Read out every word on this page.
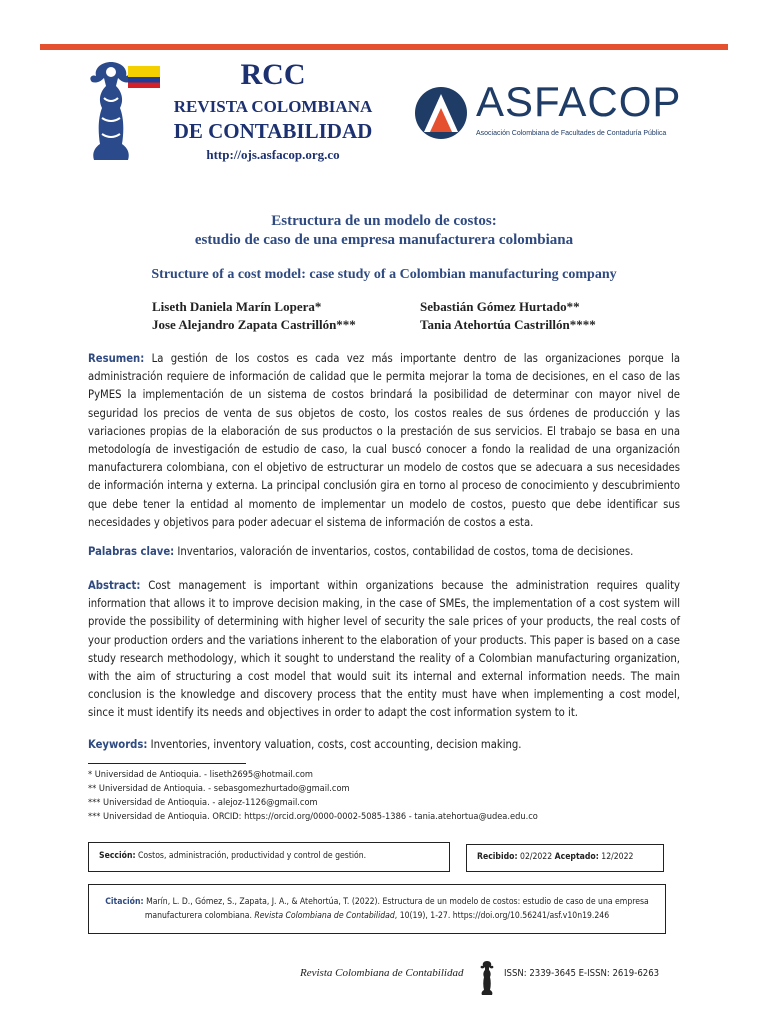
RCC
REVISTA COLOMBIANA
DE CONTABILIDAD
http://ojs.asfacop.org.co
ASFACOP
Asociación Colombiana de Facultades de Contaduría Pública
Estructura de un modelo de costos:
estudio de caso de una empresa manufacturera colombiana
Structure of a cost model: case study of a Colombian manufacturing company
Liseth Daniela Marín Lopera*
Jose Alejandro Zapata Castrillón***
Sebastián Gómez Hurtado**
Tania Atehortúa Castrillón****
Resumen: La gestión de los costos es cada vez más importante dentro de las organizaciones porque la administración requiere de información de calidad que le permita mejorar la toma de decisiones, en el caso de las PyMES la implementación de un sistema de costos brindará la posibilidad de determinar con mayor nivel de seguridad los precios de venta de sus objetos de costo, los costos reales de sus órdenes de producción y las variaciones propias de la elaboración de sus productos o la prestación de sus servicios. El trabajo se basa en una metodología de investigación de estudio de caso, la cual buscó conocer a fondo la realidad de una organización manufacturera colombiana, con el objetivo de estructurar un modelo de costos que se adecuara a sus necesidades de información interna y externa. La principal conclusión gira en torno al proceso de conocimiento y descubrimiento que debe tener la entidad al momento de implementar un modelo de costos, puesto que debe identificar sus necesidades y objetivos para poder adecuar el sistema de información de costos a esta.
Palabras clave: Inventarios, valoración de inventarios, costos, contabilidad de costos, toma de decisiones.
Abstract: Cost management is important within organizations because the administration requires quality information that allows it to improve decision making, in the case of SMEs, the implementation of a cost system will provide the possibility of determining with higher level of security the sale prices of your products, the real costs of your production orders and the variations inherent to the elaboration of your products. This paper is based on a case study research methodology, which it sought to understand the reality of a Colombian manufacturing organization, with the aim of structuring a cost model that would suit its internal and external information needs. The main conclusion is the knowledge and discovery process that the entity must have when implementing a cost model, since it must identify its needs and objectives in order to adapt the cost information system to it.
Keywords: Inventories, inventory valuation, costs, cost accounting, decision making.
* Universidad de Antioquia. - liseth2695@hotmail.com
** Universidad de Antioquia. - sebasgomezhurtado@gmail.com
*** Universidad de Antioquia. - alejoz-1126@gmail.com
*** Universidad de Antioquia. ORCID: https://orcid.org/0000-0002-5085-1386 - tania.atehortua@udea.edu.co
Sección: Costos, administración, productividad y control de gestión.	Recibido: 02/2022 Aceptado: 12/2022
Citación: Marín, L. D., Gómez, S., Zapata, J. A., & Atehortúa, T. (2022). Estructura de un modelo de costos: estudio de caso de una empresa manufacturera colombiana. Revista Colombiana de Contabilidad, 10(19), 1-27. https://doi.org/10.56241/asf.v10n19.246
Revista Colombiana de Contabilidad	ISSN: 2339-3645 E-ISSN: 2619-6263
